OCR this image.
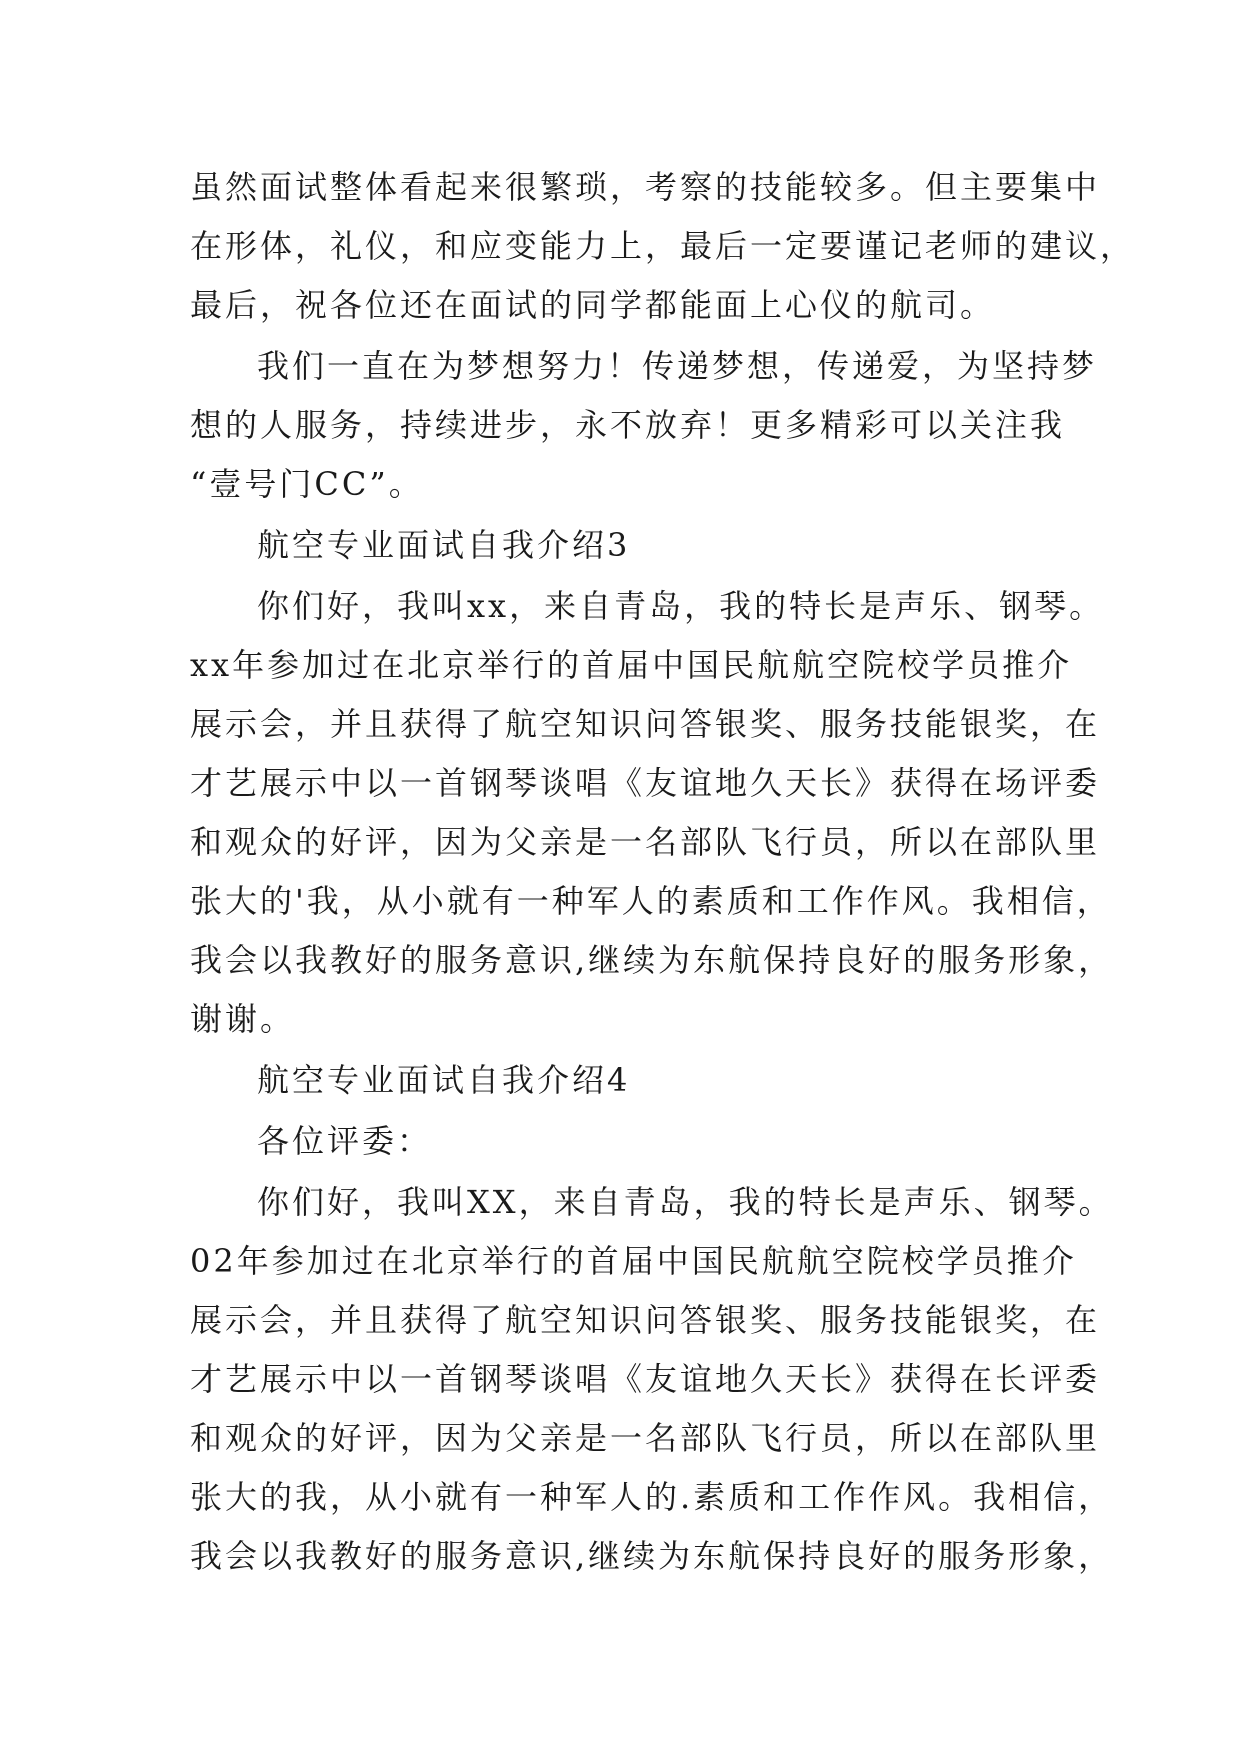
虽然面试整体看起来很繁琐，考察的技能较多。但主要集中
在形体，礼仪，和应变能力上，最后一定要谨记老师的建议，
最后，祝各位还在面试的同学都能面上心仪的航司。
我们一直在为梦想努力！传递梦想，传递爱，为坚持梦
想的人服务，持续进步，永不放弃！更多精彩可以关注我
“壹号门CC”。
航空专业面试自我介绍3
你们好，我叫xx，来自青岛，我的特长是声乐、钢琴。
xx年参加过在北京举行的首届中国民航航空院校学员推介
展示会，并且获得了航空知识问答银奖、服务技能银奖，在
才艺展示中以一首钢琴谈唱《友谊地久天长》获得在场评委
和观众的好评，因为父亲是一名部队飞行员，所以在部队里
张大的'我，从小就有一种军人的素质和工作作风。我相信，
我会以我教好的服务意识,继续为东航保持良好的服务形象，
谢谢。
航空专业面试自我介绍4
各位评委：
你们好，我叫XX，来自青岛，我的特长是声乐、钢琴。
02年参加过在北京举行的首届中国民航航空院校学员推介
展示会，并且获得了航空知识问答银奖、服务技能银奖，在
才艺展示中以一首钢琴谈唱《友谊地久天长》获得在长评委
和观众的好评，因为父亲是一名部队飞行员，所以在部队里
张大的我，从小就有一种军人的.素质和工作作风。我相信，
我会以我教好的服务意识,继续为东航保持良好的服务形象，
